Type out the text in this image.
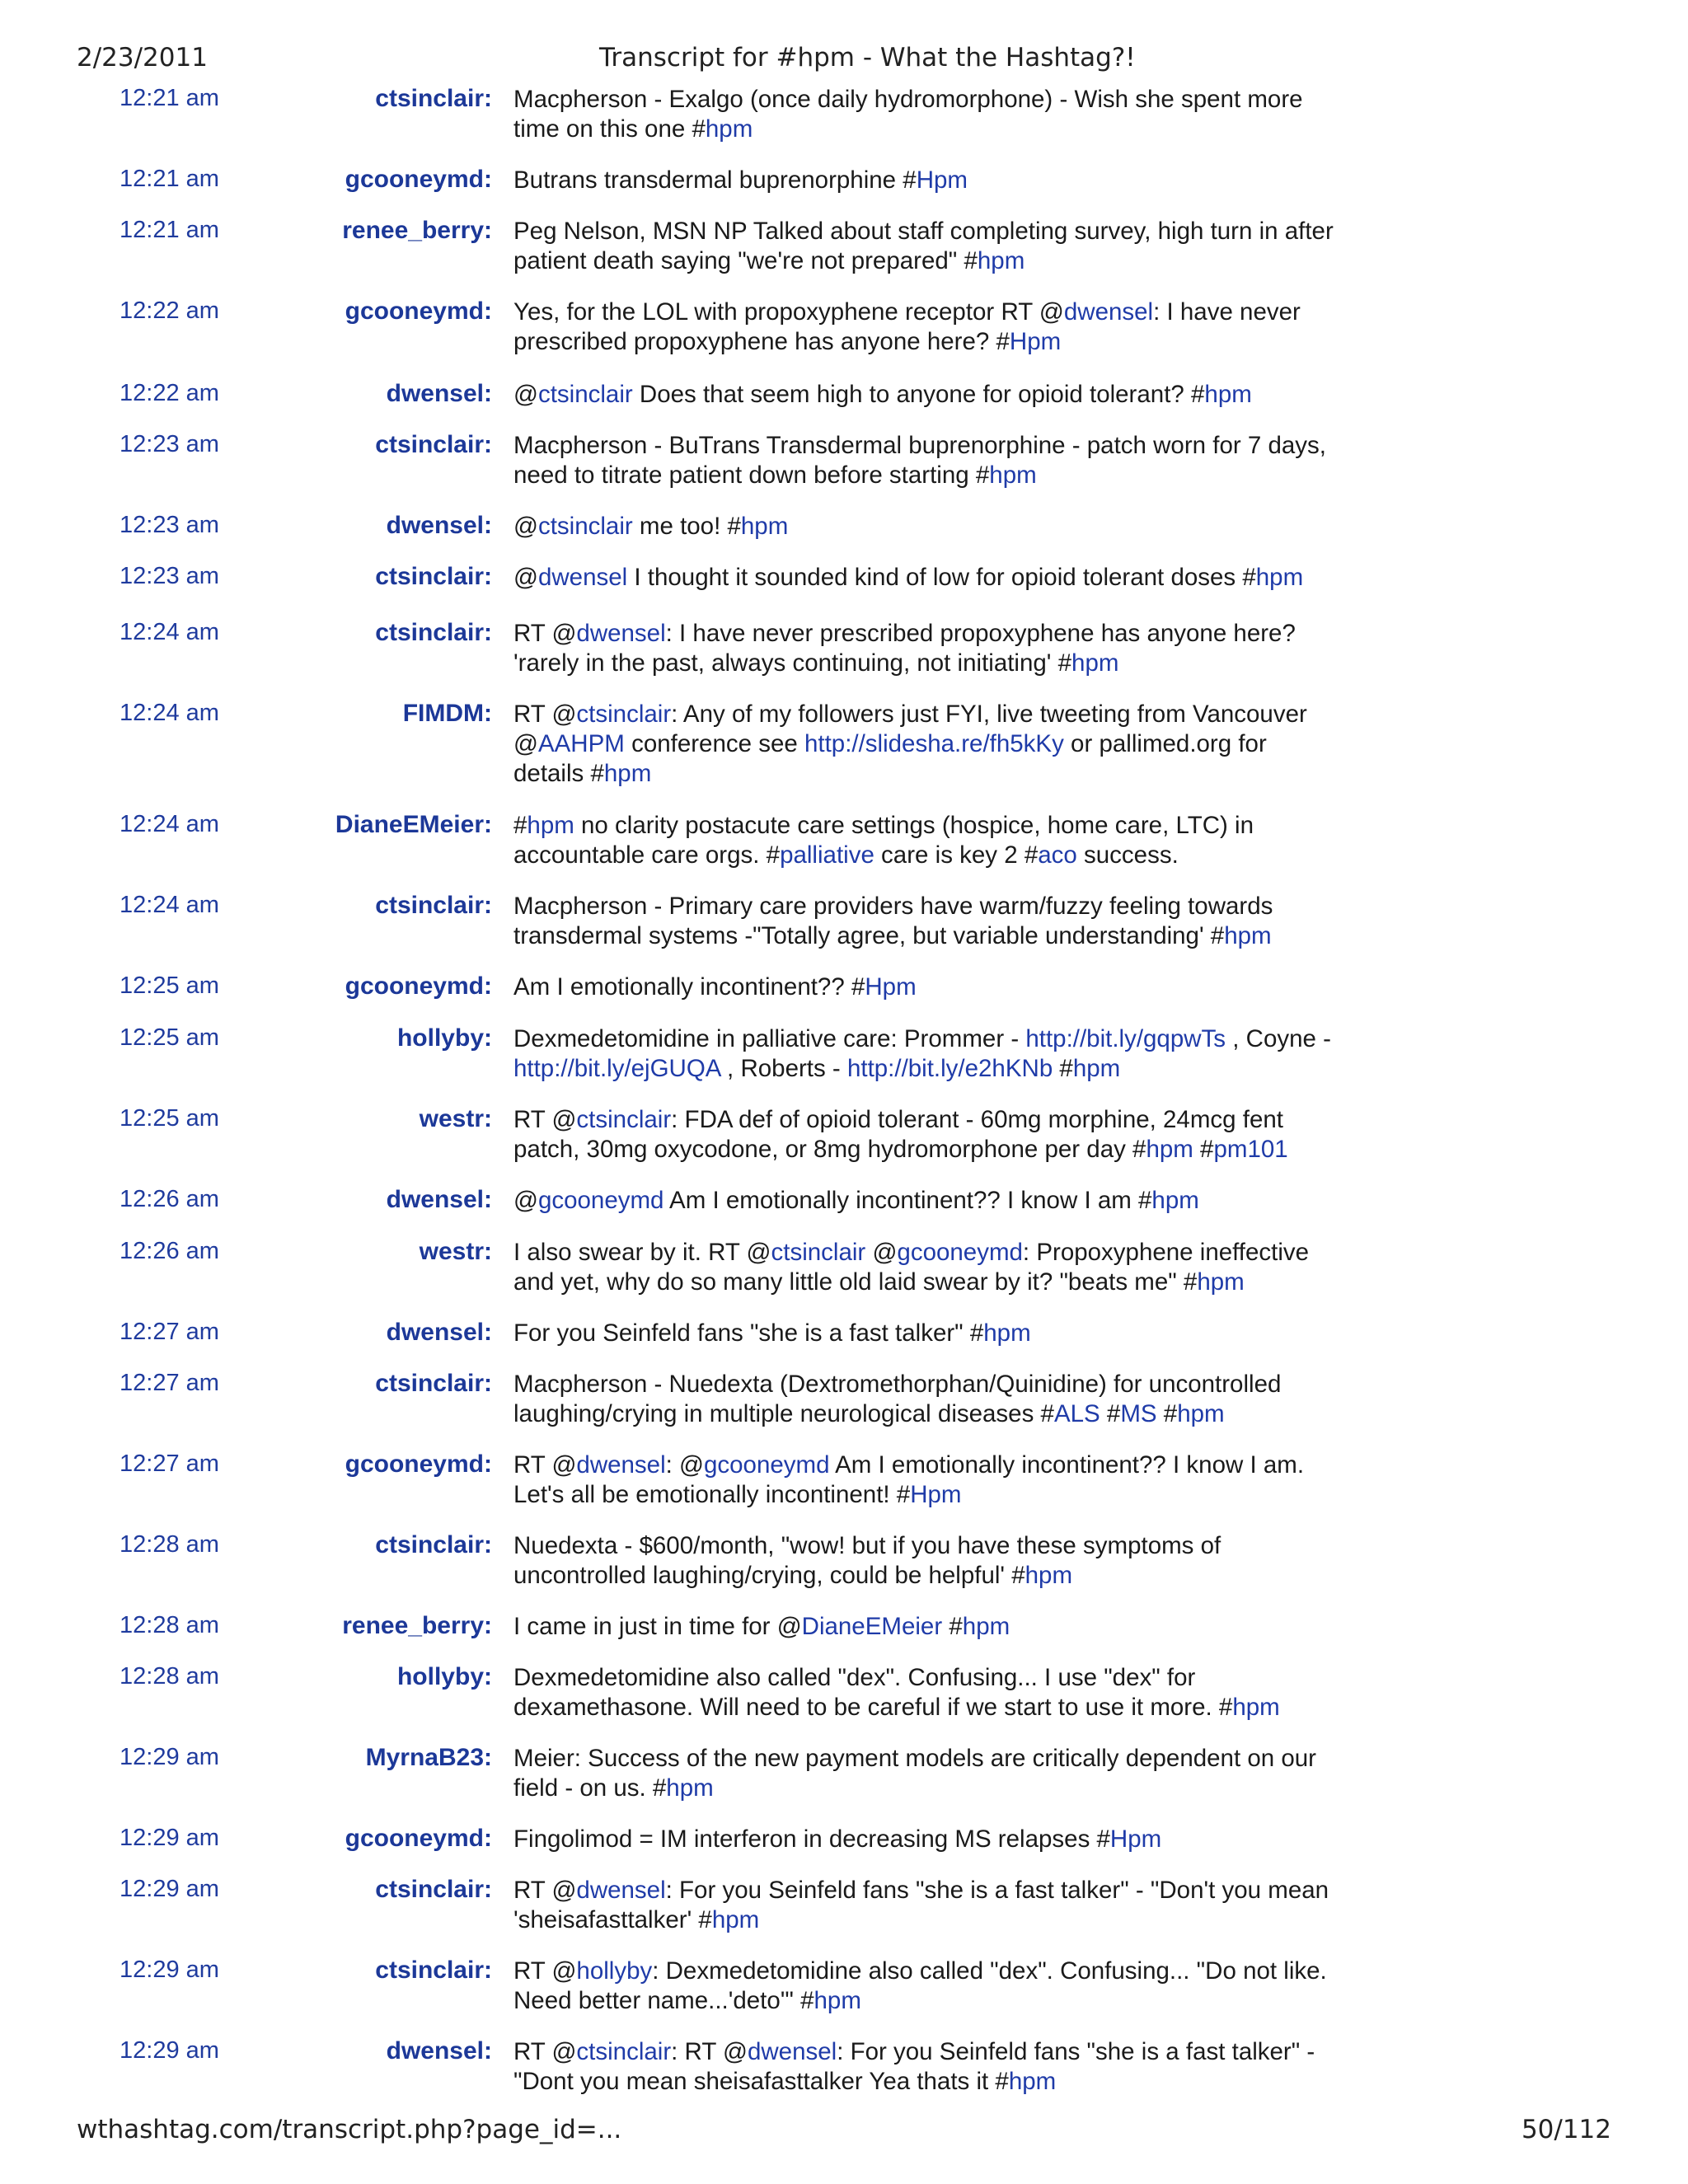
2/23/2011	Transcript for #hpm - What the Hashtag?!
12:21 am	ctsinclair: Macpherson - Exalgo (once daily hydromorphone) - Wish she spent more time on this one #hpm
12:21 am	gcooneymd: Butrans transdermal buprenorphine #Hpm
12:21 am	renee_berry: Peg Nelson, MSN NP Talked about staff completing survey, high turn in after patient death saying "we're not prepared" #hpm
12:22 am	gcooneymd: Yes, for the LOL with propoxyphene receptor RT @dwensel: I have never prescribed propoxyphene has anyone here? #Hpm
12:22 am	dwensel: @ctsinclair Does that seem high to anyone for opioid tolerant? #hpm
12:23 am	ctsinclair: Macpherson - BuTrans Transdermal buprenorphine - patch worn for 7 days, need to titrate patient down before starting #hpm
12:23 am	dwensel: @ctsinclair me too! #hpm
12:23 am	ctsinclair: @dwensel I thought it sounded kind of low for opioid tolerant doses #hpm
12:24 am	ctsinclair: RT @dwensel: I have never prescribed propoxyphene has anyone here? 'rarely in the past, always continuing, not initiating' #hpm
12:24 am	FIMDM: RT @ctsinclair: Any of my followers just FYI, live tweeting from Vancouver @AAHPM conference see http://slidesha.re/fh5kKy or pallimed.org for details #hpm
12:24 am	DianeEMeier: #hpm no clarity postacute care settings (hospice, home care, LTC) in accountable care orgs. #palliative care is key 2 #aco success.
12:24 am	ctsinclair: Macpherson - Primary care providers have warm/fuzzy feeling towards transdermal systems -"Totally agree, but variable understanding' #hpm
12:25 am	gcooneymd: Am I emotionally incontinent?? #Hpm
12:25 am	hollyby: Dexmedetomidine in palliative care: Prommer - http://bit.ly/gqpwTs , Coyne - http://bit.ly/ejGUQA , Roberts - http://bit.ly/e2hKNb #hpm
12:25 am	westr: RT @ctsinclair: FDA def of opioid tolerant - 60mg morphine, 24mcg fent patch, 30mg oxycodone, or 8mg hydromorphone per day #hpm #pm101
12:26 am	dwensel: @gcooneymd Am I emotionally incontinent?? I know I am #hpm
12:26 am	westr: I also swear by it. RT @ctsinclair @gcooneymd: Propoxyphene ineffective and yet, why do so many little old laid swear by it? "beats me" #hpm
12:27 am	dwensel: For you Seinfeld fans "she is a fast talker" #hpm
12:27 am	ctsinclair: Macpherson - Nuedexta (Dextromethorphan/Quinidine) for uncontrolled laughing/crying in multiple neurological diseases #ALS #MS #hpm
12:27 am	gcooneymd: RT @dwensel: @gcooneymd Am I emotionally incontinent?? I know I am. Let's all be emotionally incontinent! #Hpm
12:28 am	ctsinclair: Nuedexta - $600/month, "wow! but if you have these symptoms of uncontrolled laughing/crying, could be helpful' #hpm
12:28 am	renee_berry: I came in just in time for @DianeEMeier #hpm
12:28 am	hollyby: Dexmedetomidine also called "dex". Confusing... I use "dex" for dexamethasone. Will need to be careful if we start to use it more. #hpm
12:29 am	MyrnaB23: Meier: Success of the new payment models are critically dependent on our field - on us. #hpm
12:29 am	gcooneymd: Fingolimod = IM interferon in decreasing MS relapses #Hpm
12:29 am	ctsinclair: RT @dwensel: For you Seinfeld fans "she is a fast talker" - "Don't you mean 'sheisafasttalker' #hpm
12:29 am	ctsinclair: RT @hollyby: Dexmedetomidine also called "dex". Confusing... "Do not like. Need better name...'deto'" #hpm
12:29 am	dwensel: RT @ctsinclair: RT @dwensel: For you Seinfeld fans "she is a fast talker" - "Dont you mean sheisafasttalker Yea thats it #hpm
wthashtag.com/transcript.php?page_id=...	50/112
